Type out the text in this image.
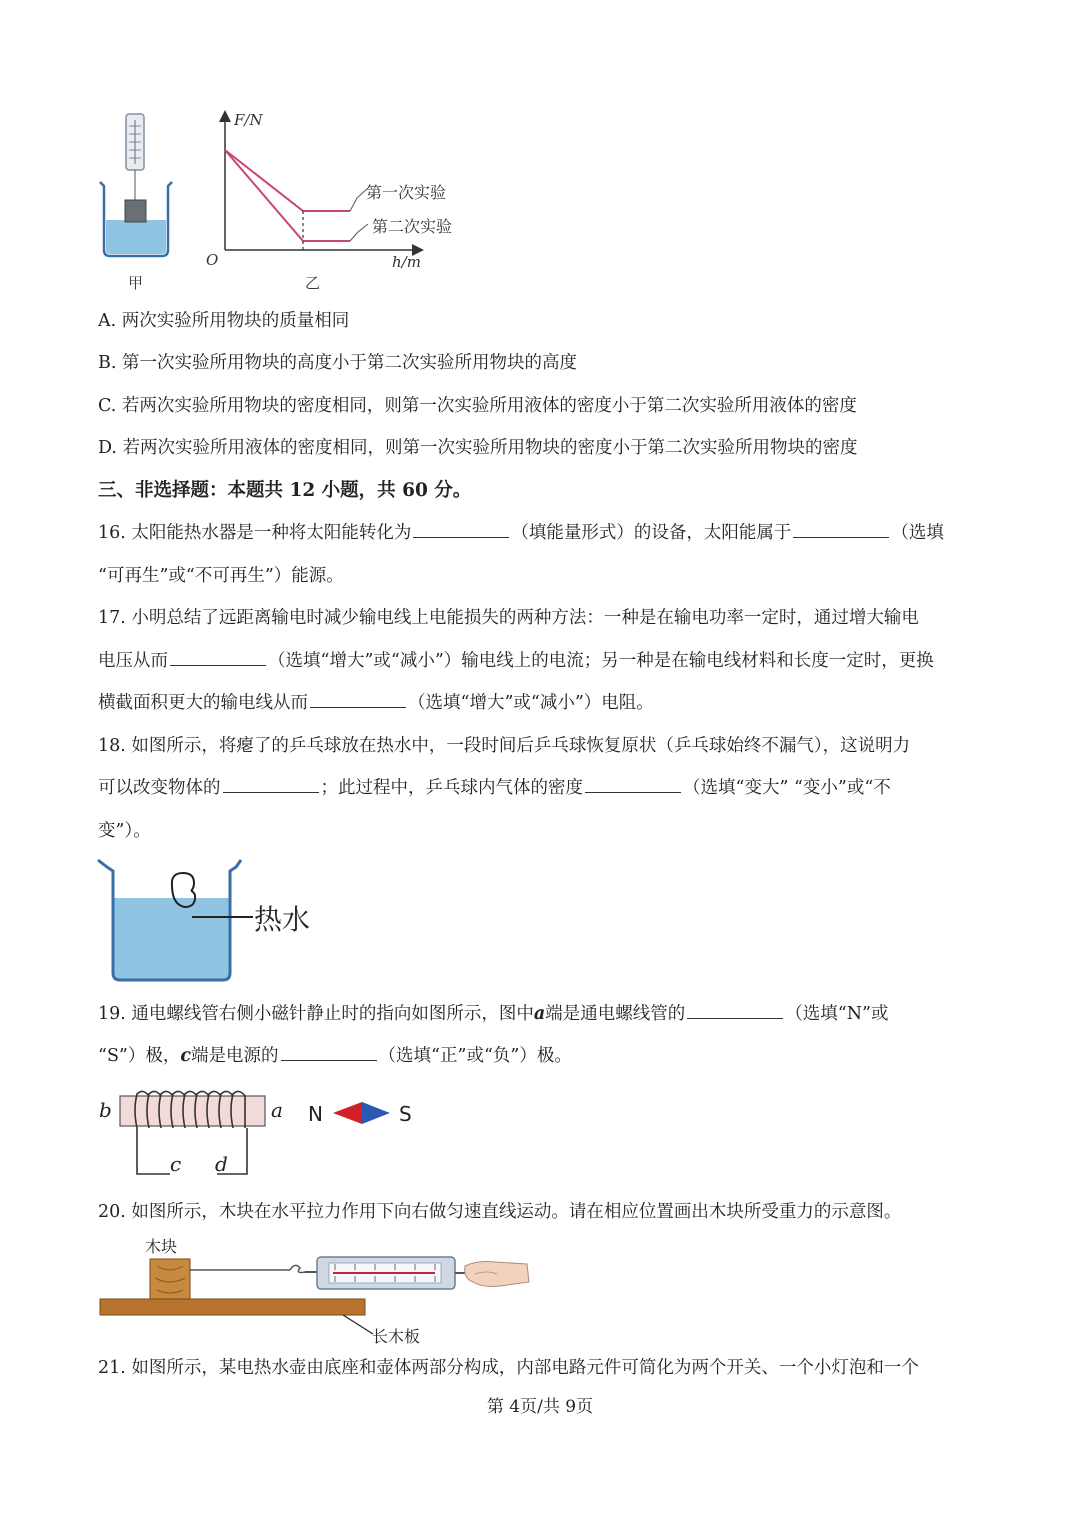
甲
F/N
h/m
O
第一次实验
第二次实验
乙
A. 两次实验所用物块的质量相同
B. 第一次实验所用物块的高度小于第二次实验所用物块的高度
C. 若两次实验所用物块的密度相同，则第一次实验所用液体的密度小于第二次实验所用液体的密度
D. 若两次实验所用液体的密度相同，则第一次实验所用物块的密度小于第二次实验所用物块的密度
三、非选择题：本题共 12 小题，共 60 分。
16. 太阳能热水器是一种将太阳能转化为	（填能量形式）的设备，太阳能属于	（选填
“可再生”或“不可再生”）能源。
17. 小明总结了远距离输电时减少输电线上电能损失的两种方法：一种是在输电功率一定时，通过增大输电
电压从而	（选填“增大”或“减小”）输电线上的电流；另一种是在输电线材料和长度一定时，更换
横截面积更大的输电线从而	（选填“增大”或“减小”）电阻。
18. 如图所示，将瘪了的乒乓球放在热水中，一段时间后乒乓球恢复原状（乒乓球始终不漏气），这说明力
可以改变物体的	；此过程中，乒乓球内气体的密度	（选填“变大” “变小”或“不
变”）。
热水
19. 通电螺线管右侧小磁针静止时的指向如图所示，图中a端是通电螺线管的	（选填“N”或
“S”）极，c端是电源的	（选填“正”或“负”）极。
b	a
c d
N	S
20. 如图所示，木块在水平拉力作用下向右做匀速直线运动。请在相应位置画出木块所受重力的示意图。
木块
长木板
21. 如图所示，某电热水壶由底座和壶体两部分构成，内部电路元件可简化为两个开关、一个小灯泡和一个
第 4页/共 9页
